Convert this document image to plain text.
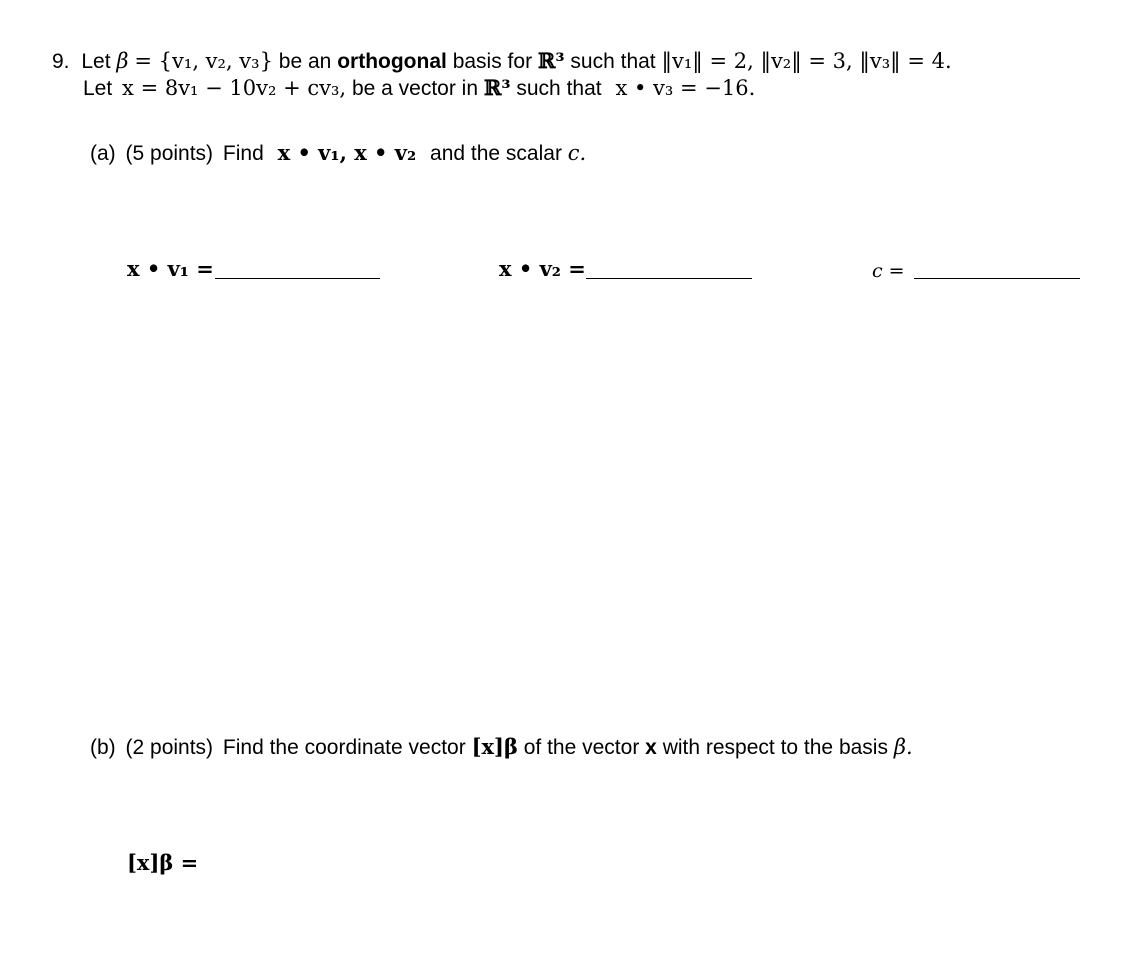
9. Let β = {v₁, v₂, v₃} be an orthogonal basis for ℝ³ such that ‖v₁‖ = 2, ‖v₂‖ = 3, ‖v₃‖ = 4.
Let x = 8v₁ − 10v₂ + cv₃, be a vector in ℝ³ such that x • v₃ = −16.
(a) (5 points) Find x • v₁, x • v₂ and the scalar c.
x • v₁ =	x • v₂ =	c =
(b) (2 points) Find the coordinate vector [x]β of the vector x with respect to the basis β.
[x]β =
